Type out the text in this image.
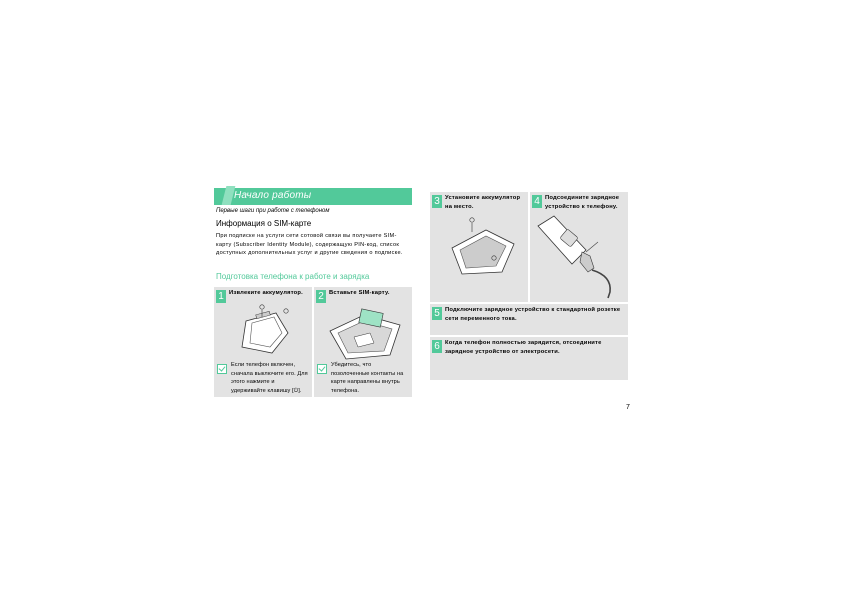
Начало работы
Первые шаги при работе с телефоном
Информация о SIM-карте
При подписке на услуги сети сотовой связи вы получаете SIM-карту (Subscriber Identity Module), содержащую PIN-код, список доступных дополнительных услуг и другие сведения о подписке.
Подготовка телефона к работе и зарядка
1 Извлеките аккумулятор.
Если телефон включен, сначала выключите его. Для этого нажмите и удерживайте клавишу [⏻].
2 Вставьте SIM-карту.
Убедитесь, что позолоченные контакты на карте направлены внутрь телефона.
3 Установите аккумулятор на место.	4 Подсоедините зарядное устройство к телефону.
5 Подключите зарядное устройство к стандартной розетке сети переменного тока.
6 Когда телефон полностью зарядится, отсоедините зарядное устройство от электросети.
7
